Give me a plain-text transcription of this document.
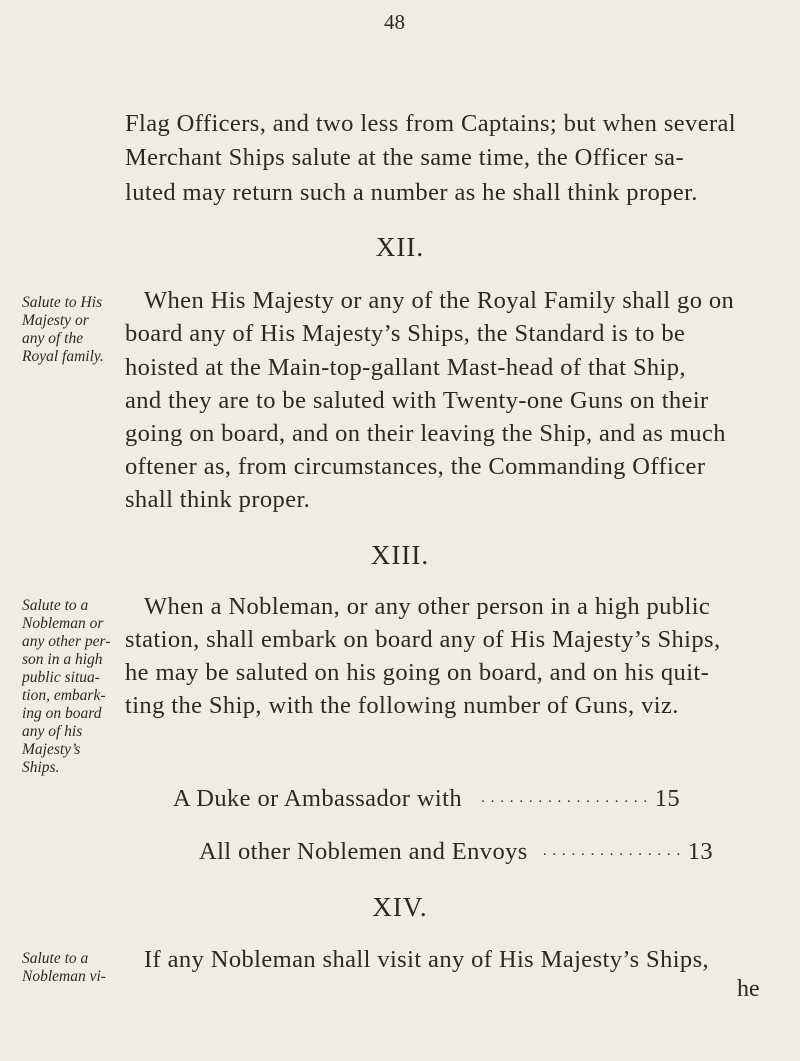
48
Flag Officers, and two less from Captains; but when several
Merchant Ships salute at the same time, the Officer sa-
luted may return such a number as he shall think proper.
XII.
Salute to His
Majesty or
any of the
Royal family.
When His Majesty or any of the Royal Family shall go on
board any of His Majesty’s Ships, the Standard is to be
hoisted at the Main-top-gallant Mast-head of that Ship,
and they are to be saluted with Twenty-one Guns on their
going on board, and on their leaving the Ship, and as much
oftener as, from circumstances, the Commanding Officer
shall think proper.
XIII.
Salute to a
Nobleman or
any other per-
son in a high
public situa-
tion, embark-
ing on board
any of his
Majesty’s
Ships.
When a Nobleman, or any other person in a high public
station, shall embark on board any of His Majesty’s Ships,
he may be saluted on his going on board, and on his quit-
ting the Ship, with the following number of Guns, viz.
A Duke or Ambassador with · · · · · · · · · · · · · · · · · · 15
All other Noblemen and Envoys · · · · · · · · · · · · · · · 13
XIV.
Salute to a
Nobleman vi-
If any Nobleman shall visit any of His Majesty’s Ships,
he
